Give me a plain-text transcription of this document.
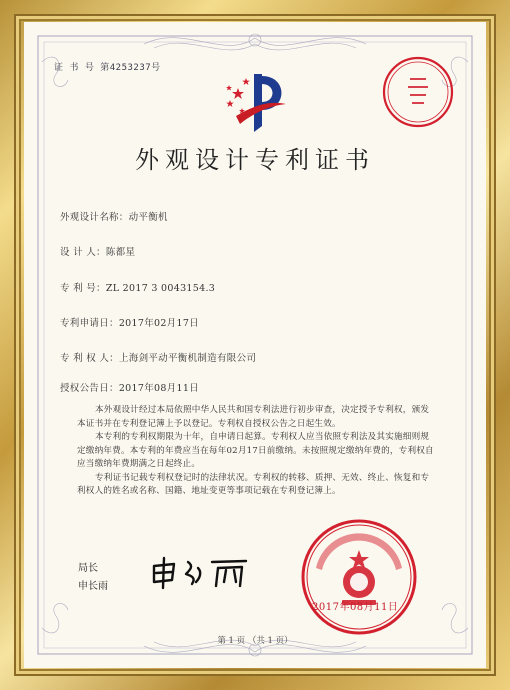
证 书 号 第4253237号
外观设计专利证书
外观设计名称：动平衡机
设 计 人：陈都星
专 利 号：ZL 2017 3 0043154.3
专利申请日：2017年02月17日
专 利 权 人：上海剑平动平衡机制造有限公司
授权公告日：2017年08月11日

本外观设计经过本局依照中华人民共和国专利法进行初步审查，决定授予专利权，颁发本证书并在专利登记簿上予以登记。专利权自授权公告之日起生效。

本专利的专利权期限为十年，自申请日起算。专利权人应当依照专利法及其实施细则规定缴纳年费。本专利的年费应当在每年02月17日前缴纳。未按照规定缴纳年费的，专利权自应当缴纳年费期满之日起终止。

专利证书记载专利权登记时的法律状况。专利权的转移、质押、无效、终止、恢复和专利权人的姓名或名称、国籍、地址变更等事项记载在专利登记簿上。

局长
申长雨
2017年08月11日
第 1 页 （共 1 页）
